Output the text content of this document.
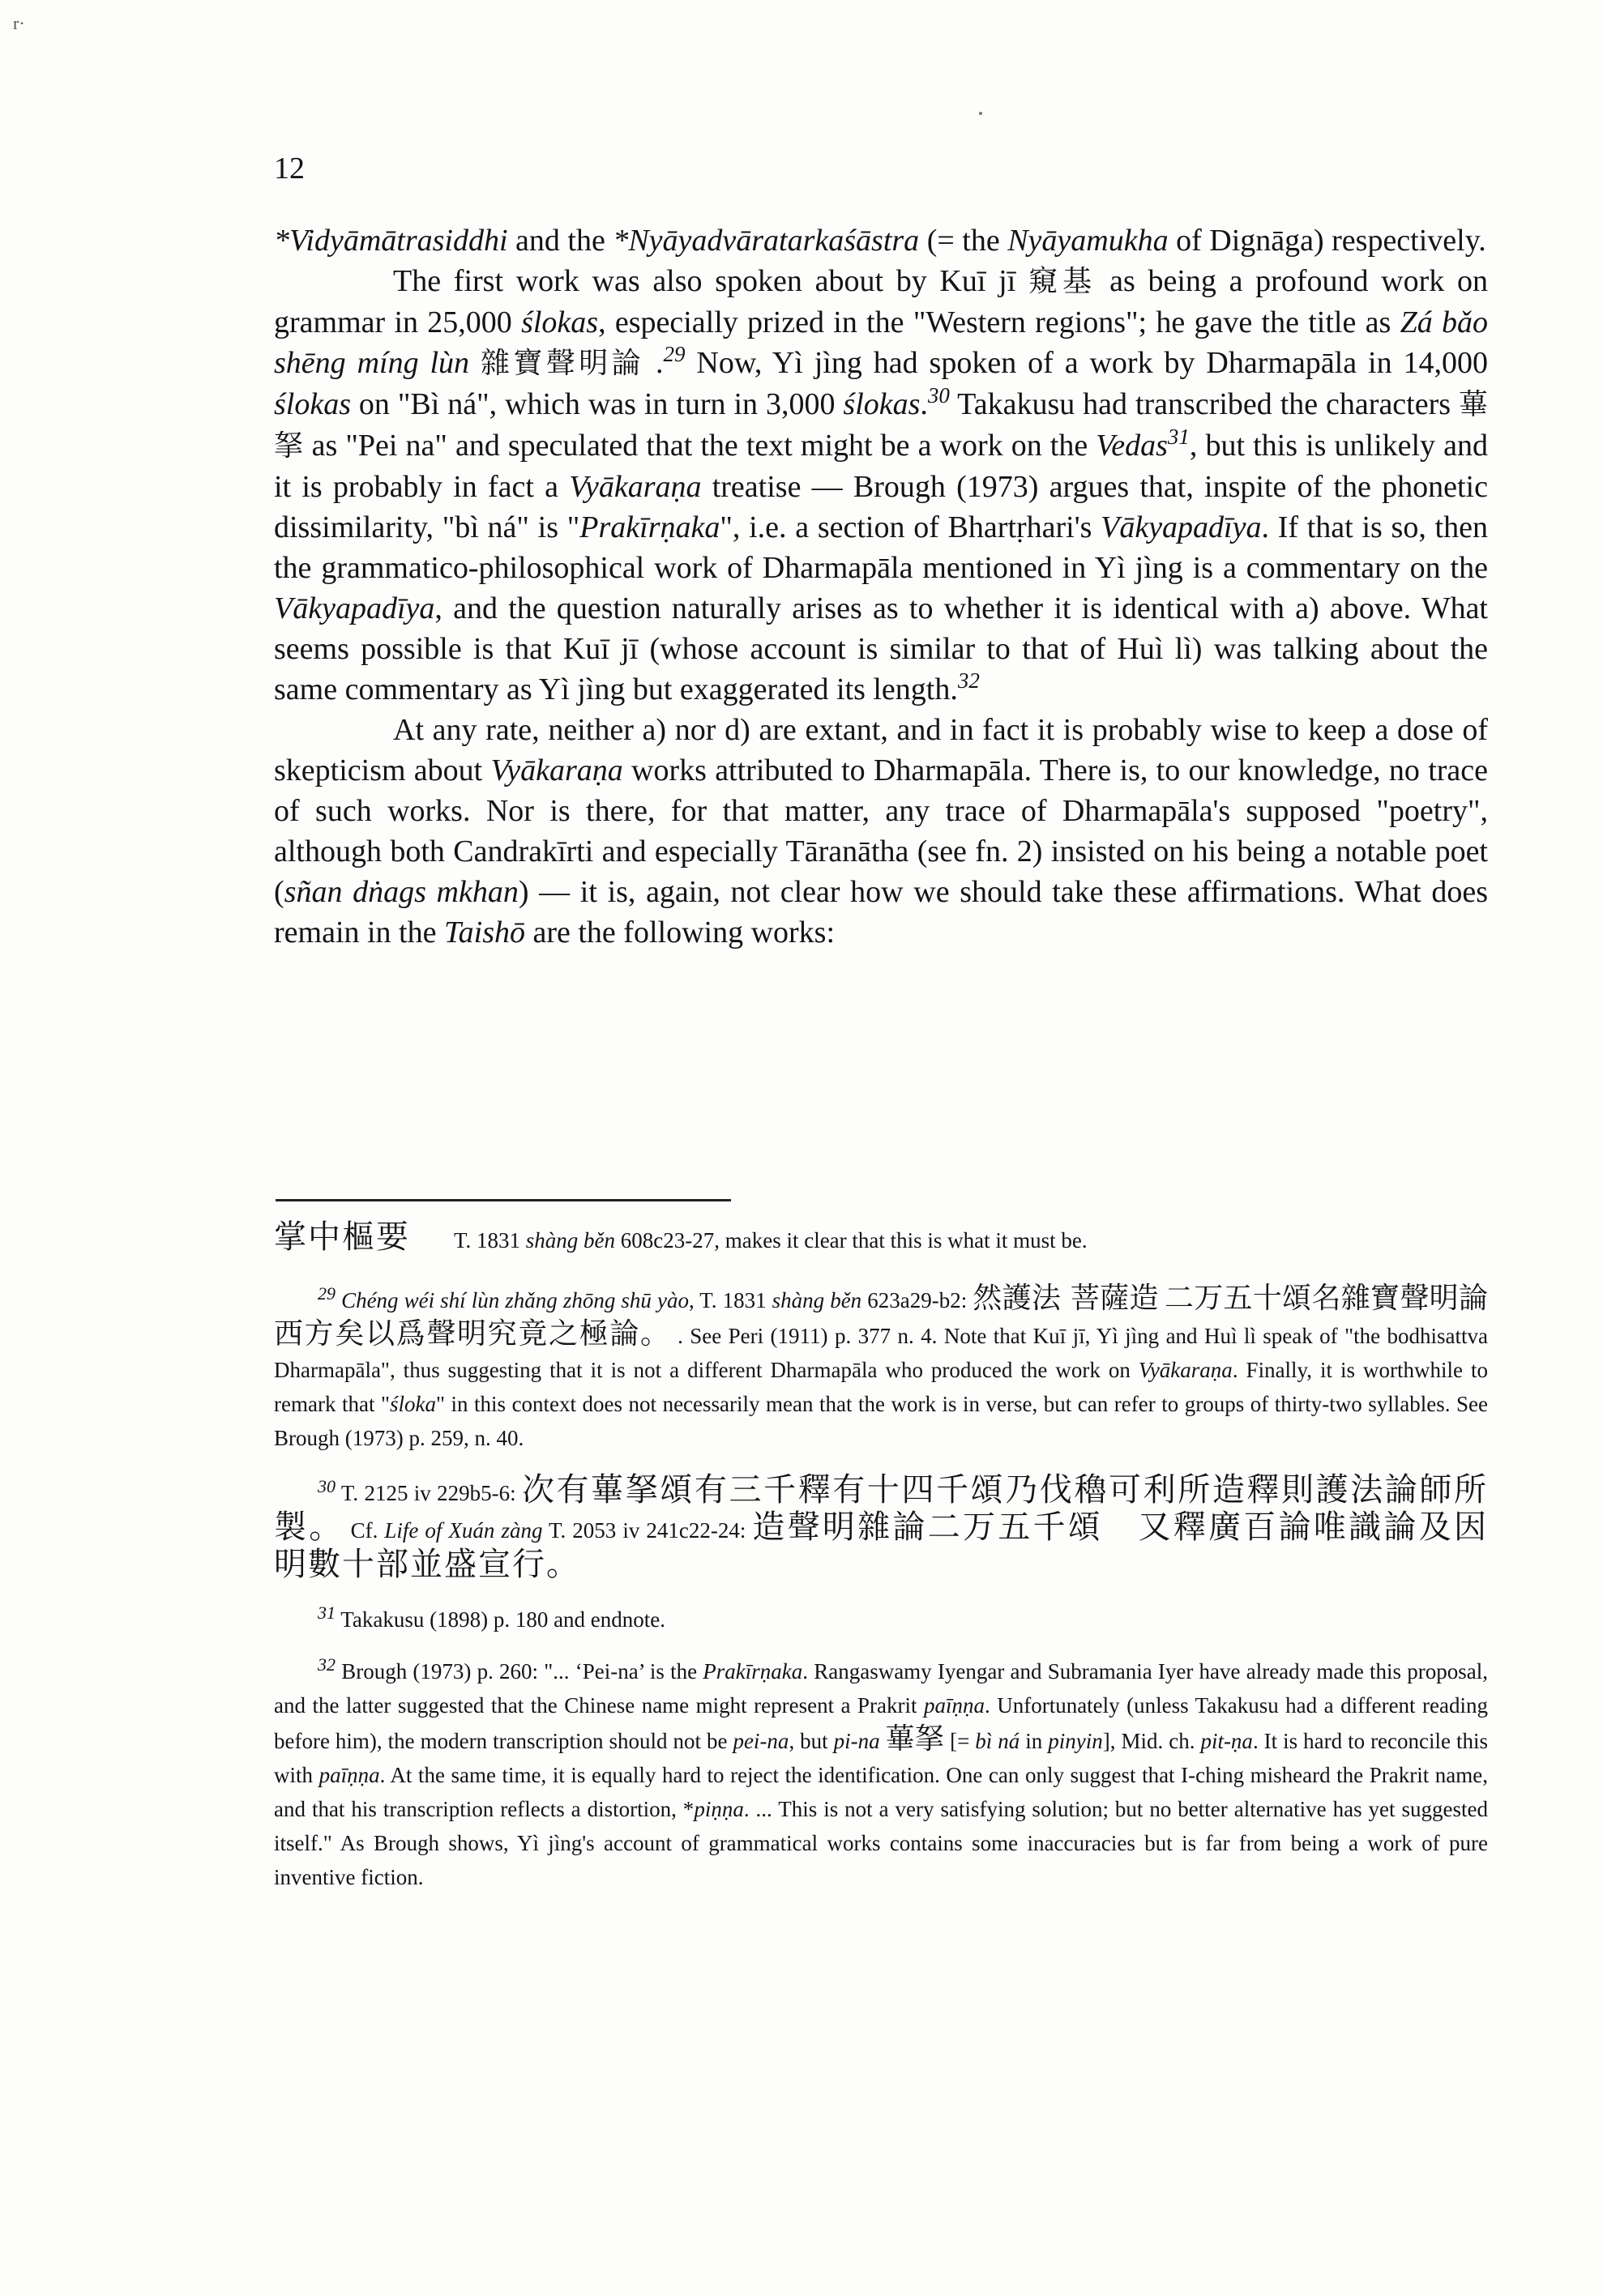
r·
12

*Vidyāmātrasiddhi and the *Nyāyadvāratarkaśāstra (= the Nyāyamukha of Dignāga) respectively.

The first work was also spoken about by Kuī jī 窺基 as being a profound work on grammar in 25,000 ślokas, especially prized in the "Western regions"; he gave the title as Zá bǎo shēng míng lùn 雜寶聲明論 .$^{29}$ Now, Yì jìng had spoken of a work by Dharmapāla in 14,000 ślokas on "Bì ná", which was in turn in 3,000 ślokas.$^{30}$ Takakusu had transcribed the characters 蓽拏 as "Pei na" and speculated that the text might be a work on the Vedas$^{31}$, but this is unlikely and it is probably in fact a Vyākaraṇa treatise — Brough (1973) argues that, inspite of the phonetic dissimilarity, "bì ná" is "Prakīrṇaka", i.e. a section of Bhartṛhari's Vākyapadīya. If that is so, then the grammatico-philosophical work of Dharmapāla mentioned in Yì jìng is a commentary on the Vākyapadīya, and the question naturally arises as to whether it is identical with a) above. What seems possible is that Kuī jī (whose account is similar to that of Huì lì) was talking about the same commentary as Yì jìng but exaggerated its length.$^{32}$

At any rate, neither a) nor d) are extant, and in fact it is probably wise to keep a dose of skepticism about Vyākaraṇa works attributed to Dharmapāla. There is, to our knowledge, no trace of such works. Nor is there, for that matter, any trace of Dharmapāla's supposed "poetry", although both Candrakīrti and especially Tāranātha (see fn. 2) insisted on his being a notable poet (sñan dṅags mkhan) — it is, again, not clear how we should take these affirmations. What does remain in the Taishō are the following works:

掌中樞要   T. 1831 shàng běn 608c23-27, makes it clear that this is what it must be.

$^{29}$ Chéng wéi shí lùn zhǎng zhōng shū yào, T. 1831 shàng běn 623a29-b2: 然護法 菩薩造 二万五十頌名雜寶聲明論西方矣以爲聲明究竟之極論。 . See Peri (1911) p. 377 n. 4. Note that Kuī jī, Yì jìng and Huì lì speak of "the bodhisattva Dharmapāla", thus suggesting that it is not a different Dharmapāla who produced the work on Vyākaraṇa. Finally, it is worthwhile to remark that "śloka" in this context does not necessarily mean that the work is in verse, but can refer to groups of thirty-two syllables. See Brough (1973) p. 259, n. 40.

$^{30}$ T. 2125 iv 229b5-6: 次有蓽拏頌有三千釋有十四千頌乃伐穭可利所造釋則護法論師所製。 Cf. Life of Xuán zàng T. 2053 iv 241c22-24: 造聲明雜論二万五千頌　又釋廣百論唯識論及因明數十部並盛宣行。

$^{31}$ Takakusu (1898) p. 180 and endnote.

$^{32}$ Brough (1973) p. 260: "... ‘Pei-na’ is the Prakīrṇaka. Rangaswamy Iyengar and Subramania Iyer have already made this proposal, and the latter suggested that the Chinese name might represent a Prakrit paīṇṇa. Unfortunately (unless Takakusu had a different reading before him), the modern transcription should not be pei-na, but pi-na 蓽拏 [= bì ná in pinyin], Mid. ch. pit-ṇa. It is hard to reconcile this with paīṇṇa. At the same time, it is equally hard to reject the identification. One can only suggest that I-ching misheard the Prakrit name, and that his transcription reflects a distortion, *piṇṇa. ... This is not a very satisfying solution; but no better alternative has yet suggested itself." As Brough shows, Yì jìng's account of grammatical works contains some inaccuracies but is far from being a work of pure inventive fiction.
